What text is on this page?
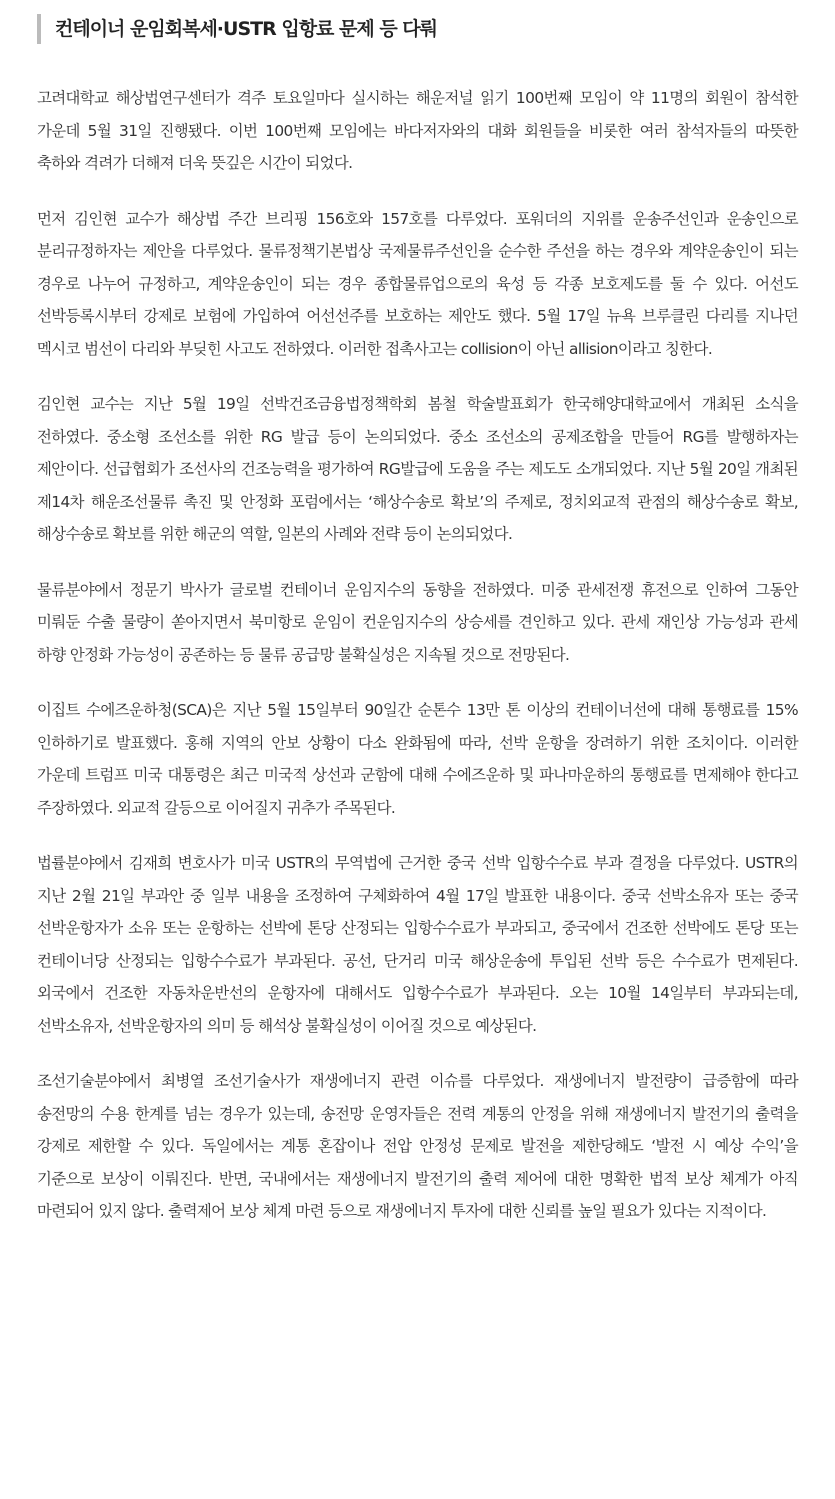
컨테이너 운임회복세·USTR 입항료 문제 등 다뤄

고려대학교 해상법연구센터가 격주 토요일마다 실시하는 해운저널 읽기 100번째 모임이 약 11명의 회원이 참석한 가운데 5월 31일 진행됐다. 이번 100번째 모임에는 바다저자와의 대화 회원들을 비롯한 여러 참석자들의 따뜻한 축하와 격려가 더해져 더욱 뜻깊은 시간이 되었다.

먼저 김인현 교수가 해상법 주간 브리핑 156호와 157호를 다루었다. 포워더의 지위를 운송주선인과 운송인으로 분리규정하자는 제안을 다루었다. 물류정책기본법상 국제물류주선인을 순수한 주선을 하는 경우와 계약운송인이 되는 경우로 나누어 규정하고, 계약운송인이 되는 경우 종합물류업으로의 육성 등 각종 보호제도를 둘 수 있다. 어선도 선박등록시부터 강제로 보험에 가입하여 어선선주를 보호하는 제안도 했다. 5월 17일 뉴욕 브루클린 다리를 지나던 멕시코 범선이 다리와 부딪힌 사고도 전하였다. 이러한 접촉사고는 collision이 아닌 allision이라고 칭한다.

김인현 교수는 지난 5월 19일 선박건조금융법정책학회 봄철 학술발표회가 한국해양대학교에서 개최된 소식을 전하였다. 중소형 조선소를 위한 RG 발급 등이 논의되었다. 중소 조선소의 공제조합을 만들어 RG를 발행하자는 제안이다. 선급협회가 조선사의 건조능력을 평가하여 RG발급에 도움을 주는 제도도 소개되었다. 지난 5월 20일 개최된 제14차 해운조선물류 촉진 및 안정화 포럼에서는 ‘해상수송로 확보’의 주제로, 정치외교적 관점의 해상수송로 확보, 해상수송로 확보를 위한 해군의 역할, 일본의 사례와 전략 등이 논의되었다.

물류분야에서 정문기 박사가 글로벌 컨테이너 운임지수의 동향을 전하였다. 미중 관세전쟁 휴전으로 인하여 그동안 미뤄둔 수출 물량이 쏟아지면서 북미항로 운임이 컨운임지수의 상승세를 견인하고 있다. 관세 재인상 가능성과 관세 하향 안정화 가능성이 공존하는 등 물류 공급망 불확실성은 지속될 것으로 전망된다.

이집트 수에즈운하청(SCA)은 지난 5월 15일부터 90일간 순톤수 13만 톤 이상의 컨테이너선에 대해 통행료를 15% 인하하기로 발표했다. 홍해 지역의 안보 상황이 다소 완화됨에 따라, 선박 운항을 장려하기 위한 조치이다. 이러한 가운데 트럼프 미국 대통령은 최근 미국적 상선과 군함에 대해 수에즈운하 및 파나마운하의 통행료를 면제해야 한다고 주장하였다. 외교적 갈등으로 이어질지 귀추가 주목된다.

법률분야에서 김재희 변호사가 미국 USTR의 무역법에 근거한 중국 선박 입항수수료 부과 결정을 다루었다. USTR의 지난 2월 21일 부과안 중 일부 내용을 조정하여 구체화하여 4월 17일 발표한 내용이다. 중국 선박소유자 또는 중국 선박운항자가 소유 또는 운항하는 선박에 톤당 산정되는 입항수수료가 부과되고, 중국에서 건조한 선박에도 톤당 또는 컨테이너당 산정되는 입항수수료가 부과된다. 공선, 단거리 미국 해상운송에 투입된 선박 등은 수수료가 면제된다. 외국에서 건조한 자동차운반선의 운항자에 대해서도 입항수수료가 부과된다. 오는 10월 14일부터 부과되는데, 선박소유자, 선박운항자의 의미 등 해석상 불확실성이 이어질 것으로 예상된다.

조선기술분야에서 최병열 조선기술사가 재생에너지 관련 이슈를 다루었다. 재생에너지 발전량이 급증함에 따라 송전망의 수용 한계를 넘는 경우가 있는데, 송전망 운영자들은 전력 계통의 안정을 위해 재생에너지 발전기의 출력을 강제로 제한할 수 있다. 독일에서는 계통 혼잡이나 전압 안정성 문제로 발전을 제한당해도 ‘발전 시 예상 수익’을 기준으로 보상이 이뤄진다. 반면, 국내에서는 재생에너지 발전기의 출력 제어에 대한 명확한 법적 보상 체계가 아직 마련되어 있지 않다. 출력제어 보상 체계 마련 등으로 재생에너지 투자에 대한 신뢰를 높일 필요가 있다는 지적이다.
